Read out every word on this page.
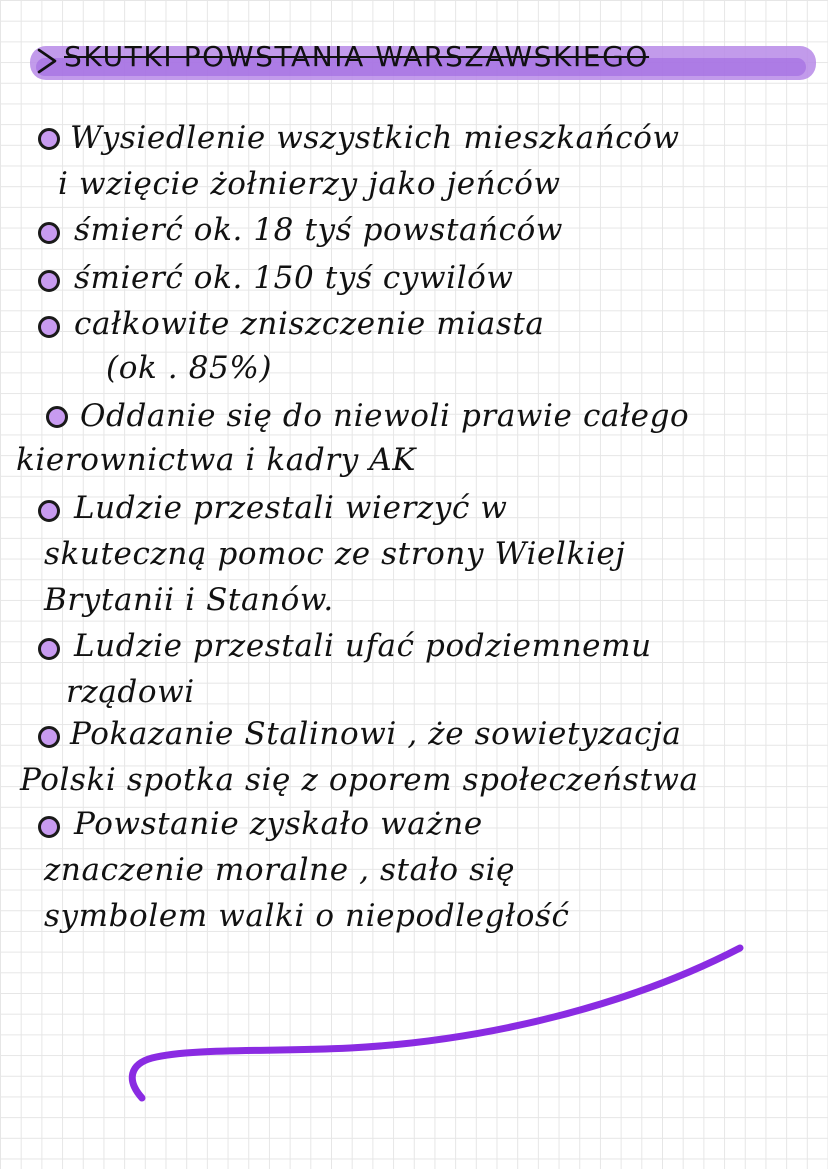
SKUTKI POWSTANIA WARSZAWSKIEGO
Wysiedlenie wszystkich mieszkańców
i wzięcie żołnierzy jako jeńców
śmierć ok. 18 tyś powstańców
śmierć ok. 150 tyś cywilów
całkowite zniszczenie miasta
(ok . 85%)
Oddanie się do niewoli prawie całego
kierownictwa i kadry AK
Ludzie przestali wierzyć w
skuteczną pomoc ze strony Wielkiej
Brytanii i Stanów.
Ludzie przestali ufać podziemnemu
rządowi
Pokazanie Stalinowi , że sowietyzacja
Polski spotka się z oporem społeczeństwa
Powstanie zyskało ważne
znaczenie moralne , stało się
symbolem walki o niepodległość
